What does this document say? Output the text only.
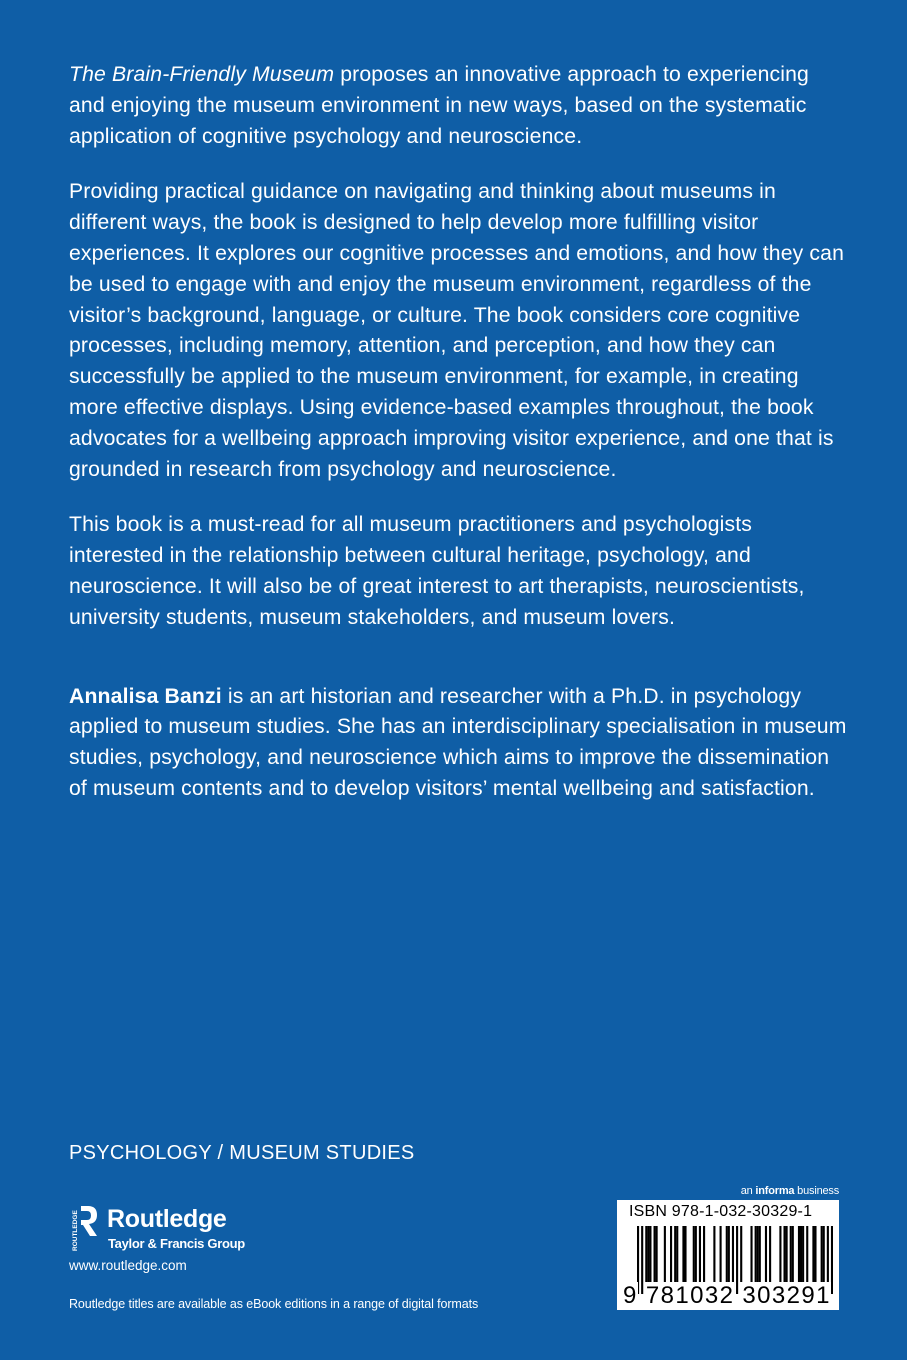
The Brain-Friendly Museum proposes an innovative approach to experiencing and enjoying the museum environment in new ways, based on the systematic application of cognitive psychology and neuroscience.

Providing practical guidance on navigating and thinking about museums in different ways, the book is designed to help develop more fulfilling visitor experiences. It explores our cognitive processes and emotions, and how they can be used to engage with and enjoy the museum environment, regardless of the visitor’s background, language, or culture. The book considers core cognitive processes, including memory, attention, and perception, and how they can successfully be applied to the museum environment, for example, in creating more effective displays. Using evidence-based examples throughout, the book advocates for a wellbeing approach improving visitor experience, and one that is grounded in research from psychology and neuroscience.

This book is a must-read for all museum practitioners and psychologists interested in the relationship between cultural heritage, psychology, and neuroscience. It will also be of great interest to art therapists, neuroscientists, university students, museum stakeholders, and museum lovers.

Annalisa Banzi is an art historian and researcher with a Ph.D. in psychology applied to museum studies. She has an interdisciplinary specialisation in museum studies, psychology, and neuroscience which aims to improve the dissemination of museum contents and to develop visitors’ mental wellbeing and satisfaction.

PSYCHOLOGY / MUSEUM STUDIES
ROUTLEDGE Routledge
Taylor & Francis Group
www.routledge.com
Routledge titles are available as eBook editions in a range of digital formats
an informa business
ISBN 978-1-032-30329-1
9 781032 303291
